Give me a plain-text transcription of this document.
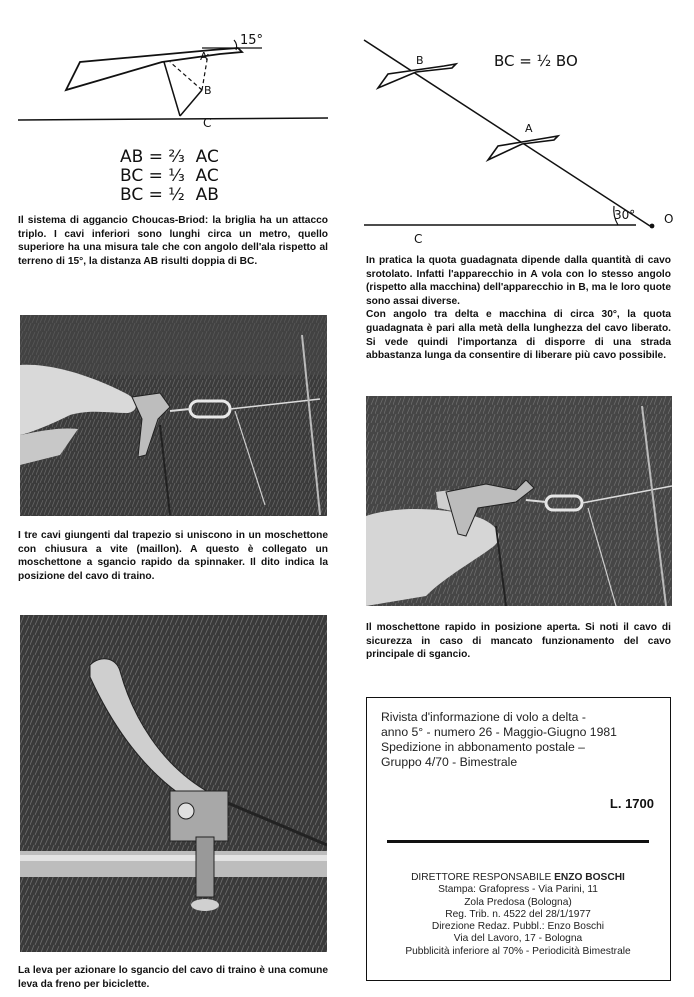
15°
A
B
C
AB = ²⁄₃  AC
BC = ¹⁄₃  AC
BC = ½  AB
Il sistema di aggancio Choucas-Briod: la briglia ha un attacco triplo. I cavi inferiori sono lunghi circa un metro, quello superiore ha una misura tale che con angolo dell'ala rispetto al terreno di 15°, la distanza AB risulti doppia di BC.
BC = ½ BO
B
A
30° O
C
In pratica la quota guadagnata dipende dalla quantità di cavo srotolato. Infatti l'apparecchio in A vola con lo stesso angolo (rispetto alla macchina) dell'apparecchio in B, ma le loro quote sono assai diverse.
Con angolo tra delta e macchina di circa 30°, la quota guadagnata è pari alla metà della lunghezza del cavo liberato. Si vede quindi l'importanza di disporre di una strada abbastanza lunga da consentire di liberare più cavo possibile.
I tre cavi giungenti dal trapezio si uniscono in un moschettone con chiusura a vite (maillon). A questo è collegato un moschettone a sgancio rapido da spinnaker. Il dito indica la posizione del cavo di traino.
Il moschettone rapido in posizione aperta. Si noti il cavo di sicurezza in caso di mancato funzionamento del cavo principale di sgancio.
La leva per azionare lo sgancio del cavo di traino è una comune leva da freno per biciclette.
Rivista d'informazione di volo a delta -
anno 5° - numero 26 - Maggio-Giugno 1981
Spedizione in abbonamento postale –
Gruppo 4/70 - Bimestrale
L. 1700
DIRETTORE RESPONSABILE ENZO BOSCHI
Stampa: Grafopress - Via Parini, 11
Zola Predosa (Bologna)
Reg. Trib. n. 4522 del 28/1/1977
Direzione Redaz. Pubbl.: Enzo Boschi
Via del Lavoro, 17 - Bologna
Pubblicità inferiore al 70% - Periodicità Bimestrale
